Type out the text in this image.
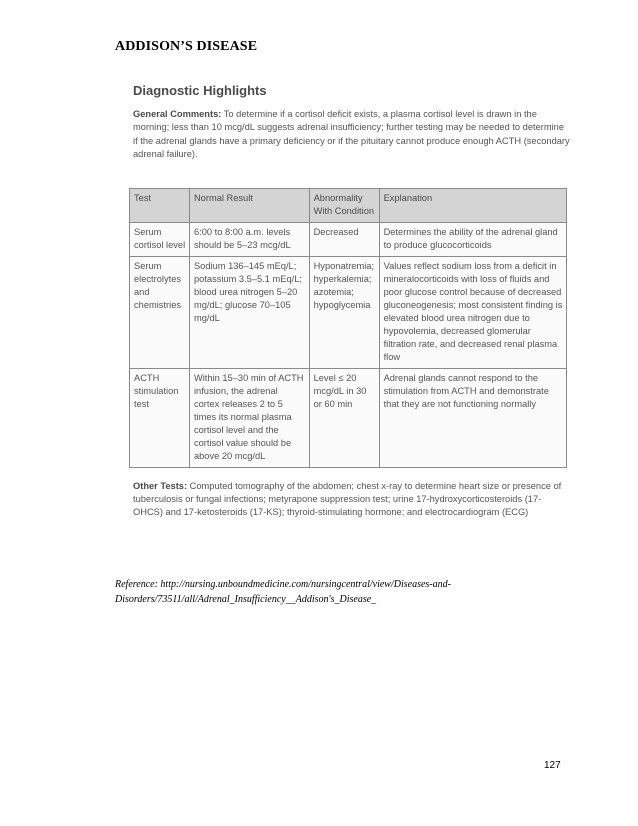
ADDISON’S DISEASE
Diagnostic Highlights
General Comments: To determine if a cortisol deficit exists, a plasma cortisol level is drawn in the morning; less than 10 mcg/dL suggests adrenal insufficiency; further testing may be needed to determine if the adrenal glands have a primary deficiency or if the pituitary cannot produce enough ACTH (secondary adrenal failure).
Test	Normal Result	Abnormality With Condition	Explanation
Serum cortisol level	6:00 to 8:00 a.m. levels should be 5–23 mcg/dL	Decreased	Determines the ability of the adrenal gland to produce glucocorticoids
Serum electrolytes and chemistries	Sodium 136–145 mEq/L; potassium 3.5–5.1 mEq/L; blood urea nitrogen 5–20 mg/dL; glucose 70–105 mg/dL	Hyponatremia; hyperkalemia; azotemia; hypoglycemia	Values reflect sodium loss from a deficit in mineralocorticoids with loss of fluids and poor glucose control because of decreased gluconeogenesis; most consistent finding is elevated blood urea nitrogen due to hypovolemia, decreased glomerular filtration rate, and decreased renal plasma flow
ACTH stimulation test	Within 15–30 min of ACTH infusion, the adrenal cortex releases 2 to 5 times its normal plasma cortisol level and the cortisol value should be above 20 mcg/dL	Level ≤ 20 mcg/dL in 30 or 60 min	Adrenal glands cannot respond to the stimulation from ACTH and demonstrate that they are not functioning normally
Other Tests: Computed tomography of the abdomen; chest x-ray to determine heart size or presence of tuberculosis or fungal infections; metyrapone suppression test; urine 17-hydroxycorticosteroids (17-OHCS) and 17-ketosteroids (17-KS); thyroid-stimulating hormone; and electrocardiogram (ECG)
Reference: http://nursing.unboundmedicine.com/nursingcentral/view/Diseases-and-Disorders/73511/all/Adrenal_Insufficiency__Addison's_Disease_
127
